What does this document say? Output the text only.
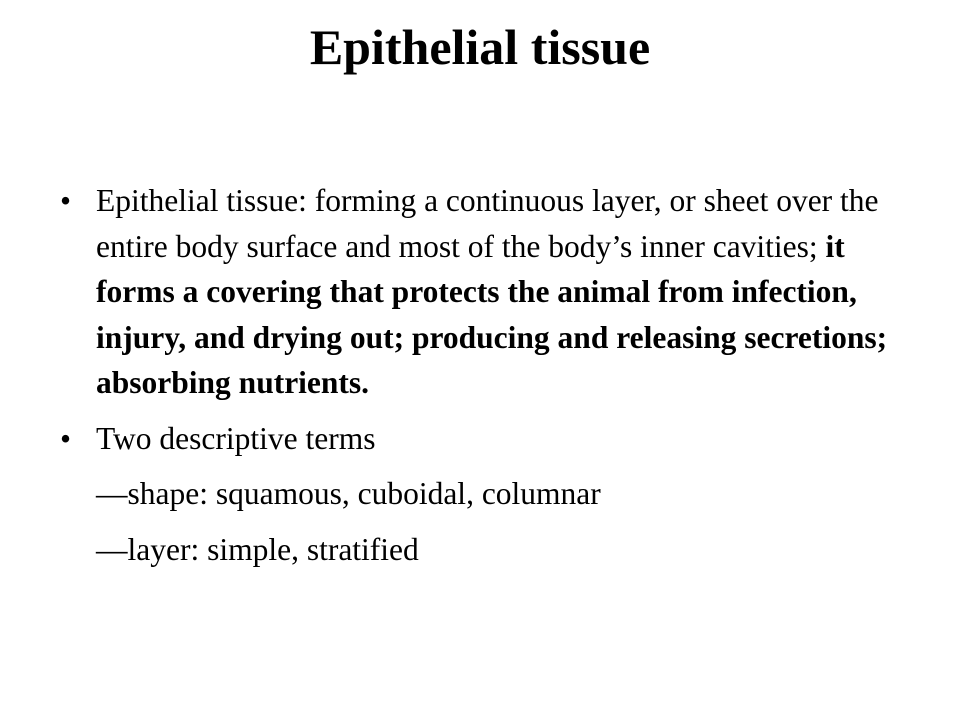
Epithelial tissue
• Epithelial tissue: forming a continuous layer, or sheet over the entire body surface and most of the body’s inner cavities; it forms a covering that protects the animal from infection, injury, and drying out; producing and releasing secretions; absorbing nutrients.
• Two descriptive terms
—shape: squamous, cuboidal, columnar
—layer: simple, stratified
